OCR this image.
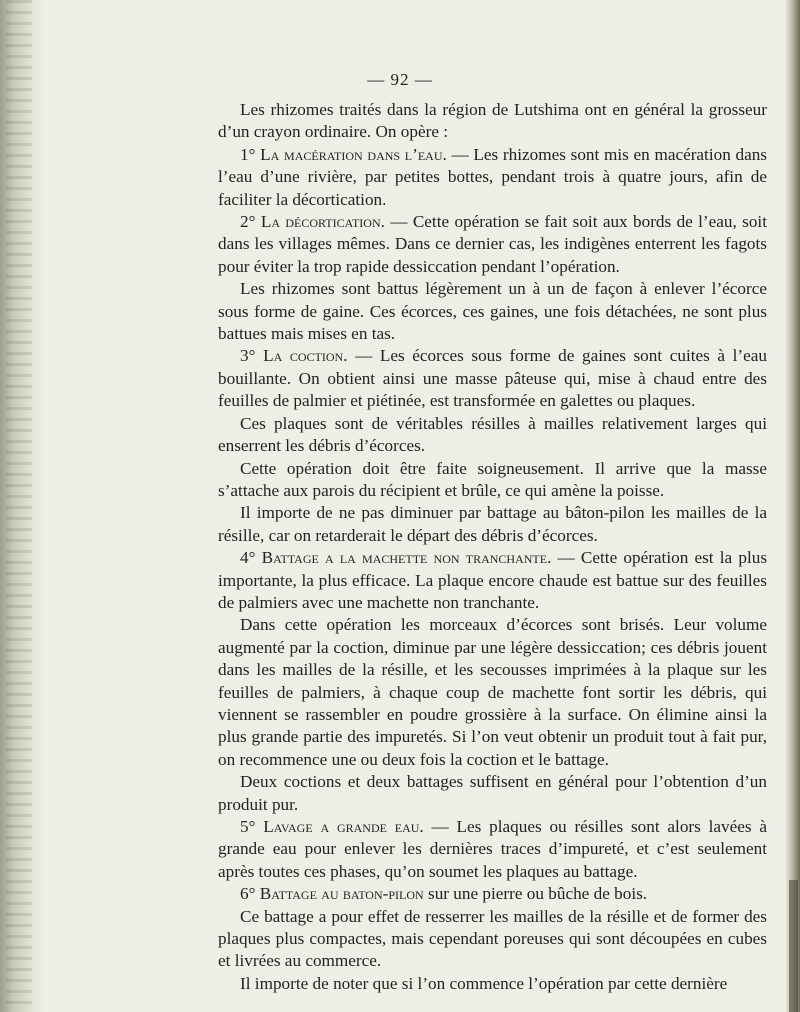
— 92 —

Les rhizomes traités dans la région de Lutshima ont en général la grosseur d’un crayon ordinaire. On opère :

1° La macération dans l’eau. — Les rhizomes sont mis en macération dans l’eau d’une rivière, par petites bottes, pendant trois à quatre jours, afin de faciliter la décortication.

2° La décortication. — Cette opération se fait soit aux bords de l’eau, soit dans les villages mêmes. Dans ce dernier cas, les indigènes enterrent les fagots pour éviter la trop rapide dessiccation pendant l’opération.

Les rhizomes sont battus légèrement un à un de façon à enlever l’écorce sous forme de gaine. Ces écorces, ces gaines, une fois détachées, ne sont plus battues mais mises en tas.

3° La coction. — Les écorces sous forme de gaines sont cuites à l’eau bouillante. On obtient ainsi une masse pâteuse qui, mise à chaud entre des feuilles de palmier et piétinée, est transformée en galettes ou plaques.

Ces plaques sont de véritables résilles à mailles relativement larges qui enserrent les débris d’écorces.

Cette opération doit être faite soigneusement. Il arrive que la masse s’attache aux parois du récipient et brûle, ce qui amène la poisse.

Il importe de ne pas diminuer par battage au bâton-pilon les mailles de la résille, car on retarderait le départ des débris d’écorces.

4° Battage a la machette non tranchante. — Cette opération est la plus importante, la plus efficace. La plaque encore chaude est battue sur des feuilles de palmiers avec une machette non tranchante.

Dans cette opération les morceaux d’écorces sont brisés. Leur volume augmenté par la coction, diminue par une légère dessiccation; ces débris jouent dans les mailles de la résille, et les secousses imprimées à la plaque sur les feuilles de palmiers, à chaque coup de machette font sortir les débris, qui viennent se rassembler en poudre grossière à la surface. On élimine ainsi la plus grande partie des impuretés. Si l’on veut obtenir un produit tout à fait pur, on recommence une ou deux fois la coction et le battage.

Deux coctions et deux battages suffisent en général pour l’obtention d’un produit pur.

5° Lavage a grande eau. — Les plaques ou résilles sont alors lavées à grande eau pour enlever les dernières traces d’impureté, et c’est seulement après toutes ces phases, qu’on soumet les plaques au battage.

6° Battage au baton-pilon sur une pierre ou bûche de bois.

Ce battage a pour effet de resserrer les mailles de la résille et de former des plaques plus compactes, mais cependant poreuses qui sont découpées en cubes et livrées au commerce.

Il importe de noter que si l’on commence l’opération par cette dernière
